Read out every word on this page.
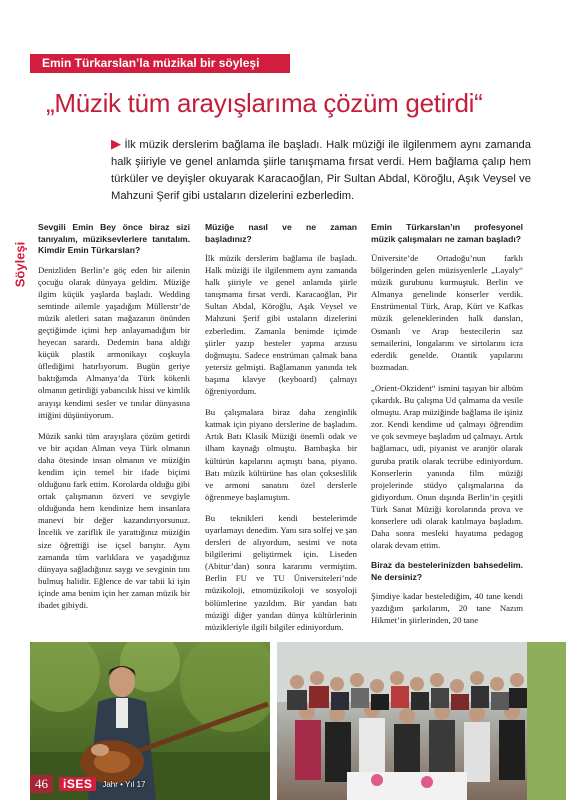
Emin Türkarslan’la müzikal bir söyleşi
„Müzik tüm arayışlarıma çözüm getirdi“
▶ İlk müzik derslerim bağlama ile başladı. Halk müziği ile ilgilenmem aynı zamanda halk şiiriyle ve genel anlamda şiirle tanışmama fırsat verdi. Hem bağlama çalıp hem türküler ve deyişler okuyarak Karacaoğlan, Pir Sultan Abdal, Köroğlu, Aşık Veysel ve Mahzuni Şerif gibi ustaların dizelerini ezberledim.
Söyleşi
Sevgili Emin Bey önce biraz sizi tanıyalım, müziksevlerlere tanıtalım. Kimdir Emin Türkarslan?

Denizliden Berlin’e göç eden bir ailenin çocuğu olarak dünyaya geldim. Müziğe ilgim küçük yaşlarda başladı. Wedding semtinde ailemle yaşadığım Müllerstr’de müzik aletleri satan mağazanın önünden geçtiğimde içimi hep anlayamadığım bir heyecan sarardı. Dedemin bana aldığı küçük plastik armonikayı coşkuyla üflediğimi hatırlıyorum. Bugün geriye baktığımda Almanya’da Türk kökenli olmanın getirdiği yabancılık hissi ve kimlik arayışı kendimi sesler ve tınılar dünyasına ittiğini düşünüyorum.

Müzik sanki tüm arayışlara çözüm getirdi ve bir açıdan Alman veya Türk olmanın daha ötesinde insan olmanın ve müziğin kendim için temel bir ifade biçimi olduğunu fark ettim. Korolarda olduğu gibi ortak çalışmanın özveri ve sevgiyle olduğunda hem kendinize hem insanlara manevi bir değer kazandırıyorsunuz. İncelik ve zariflik ile yarattığınız müziğin size öğrettiği ise içsel barıştır. Aynı zamanda tüm varlıklara ve yaşadığınız dünyaya sağladığınız saygı ve sevginin tını bulmuş halidir. Eğlence de var tabii ki işin içinde ama benim için her zaman müzik bir ibadet gibiydi.

Müziğe nasıl ve ne zaman başladınız?

İlk müzik derslerim bağlama ile başladı. Halk müziği ile ilgilenmem aynı zamanda halk şiiriyle ve genel anlamda şiirle tanışmama fırsat verdi. Karacaoğlan, Pir Sultan Abdal, Köroğlu, Aşık Veysel ve Mahzuni Şerif gibi ustaların dizelerini ezberledim. Zamanla benimde içimde şiirler yazıp besteler yapma arzusu doğmuştu. Sadece enstrüman çalmak bana yetersiz gelmişti. Bağlamanın yanında tek başıma klavye (keyboard) çalmayı öğreniyordum.

Bu çalışmalara biraz daha zenginlik katmak için piyano derslerine de başladım. Artık Batı Klasik Müziği önemli odak ve ilham kaynağı olmuştu. Bambaşka bir kültürün kapılarını açmıştı bana, piyano. Batı müzik kültürüne has olan çokseslilik ve armoni sanatını özel derslerle öğrenmeye başlamıştım.

Bu teknikleri kendi bestelerimde uyarlamayı denedim. Yanı sıra solfej ve şan dersleri de alıyordum, sesimi ve nota bilgilerimi geliştirmek için. Liseden (Abitur’dan) sonra kararımı vermiştim. Berlin FU ve TU Üniversiteleri’nde müzikoloji, etnomüzikoloji ve sosyoloji bölümlerine yazıldım. Bir yandan batı müziği diğer yandan dünya kültürlerinin müzikleriyle ilgili bilgiler ediniyordum.

Emin Türkarslan’ın profesyonel müzik çalışmaları ne zaman başladı?

Üniversite’de Ortadoğu’nun farklı bölgerinden gelen müzisyenlerle „Layaly“ müzik gurubunu kurmuştuk. Berlin ve Almanya genelinde konserler verdik. Enstrümental Türk, Arap, Kürt ve Kafkas müzik geleneklerinden halk dansları, Osmanlı ve Arap bestecilerin saz semailerini, longalarını ve sirtolarını icra ederdik genelde. Otantik yapılarını bozmadan.

„Orient-Okzident“ ismini taşıyan bir albüm çıkardık. Bu çalışma Ud çalmama da vesile olmuştu. Arap müziğinde bağlama ile işiniz zor. Kendi kendime ud çalmayı öğrendim ve çok sevmeye başladım ud çalmayı. Artık bağlamacı, udi, piyanist ve aranjör olarak guruba pratik olarak tecrübe ediniyordum. Konserlerin yanında film müziği projelerinde stüdyo çalışmalarına da gidiyordum. Onun dışında Berlin’in çeşitli Türk Sanat Müziği korolarında prova ve konserlere udi olarak katılmaya başladım. Daha sonra mesleki hayatıma pedagog olarak devam ettim.

Biraz da bestelerinizden bahsedelim. Ne dersiniz?

Şimdiye kadar bestelediğim, 40 tane kendi yazdığım şarkılarım, 20 tane Nazım Hikmet’in şiirlerinden, 20 tane

46	iSES	Jahr • Yıl 17
